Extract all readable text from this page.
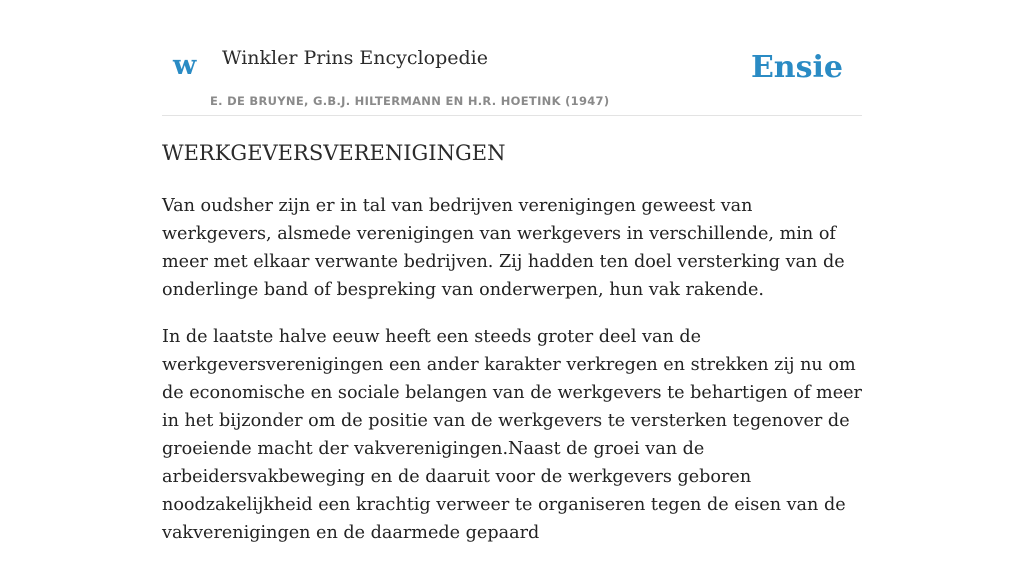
w Winkler Prins Encyclopedie
E. DE BRUYNE, G.B.J. HILTERMANN EN H.R. HOETINK (1947)
Ensie
WERKGEVERSVERENIGINGEN

Van oudsher zijn er in tal van bedrijven verenigingen geweest van werkgevers, alsmede verenigingen van werkgevers in verschillende, min of meer met elkaar verwante bedrijven. Zij hadden ten doel versterking van de onderlinge band of bespreking van onderwerpen, hun vak rakende.

In de laatste halve eeuw heeft een steeds groter deel van de werkgeversverenigingen een ander karakter verkregen en strekken zij nu om de economische en sociale belangen van de werkgevers te behartigen of meer in het bijzonder om de positie van de werkgevers te versterken tegenover de groeiende macht der vakverenigingen.Naast de groei van de arbeidersvakbeweging en de daaruit voor de werkgevers geboren noodzakelijkheid een krachtig verweer te organiseren tegen de eisen van de vakverenigingen en de daarmede gepaard
